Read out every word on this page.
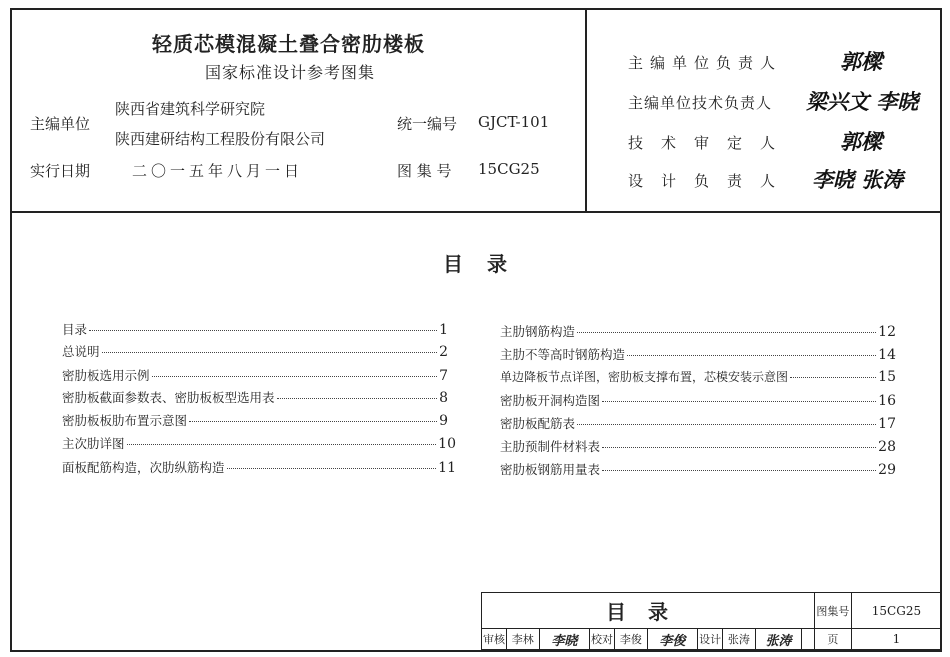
轻质芯模混凝土叠合密肋楼板
国家标准设计参考图集
主编单位
陕西省建筑科学研究院
陕西建研结构工程股份有限公司
统一编号 GJCT-101
实行日期	二〇一五年八月一日	图 集 号 15CG25
主编单位负责人	郭樑
主编单位技术负责人 梁兴文 李晓
技术审定人 郭樑
设计负责人 李晓 张涛
目录
目录	1
总说明	2
密肋板选用示例	7
密肋板截面参数表、密肋板板型选用表	8
密肋板板肋布置示意图	9
主次肋详图	10
面板配筋构造，次肋纵筋构造	11
主肋钢筋构造	12
主肋不等高时钢筋构造	14
单边降板节点详图，密肋板支撑布置，芯模安装示意图	15
密肋板开洞构造图	16
密肋板配筋表	17
主肋预制件材料表	28
密肋板钢筋用量表	29
目录										图集号	15CG25
审核	李林	李晓	校对	李俊	李俊	设计	张涛	张涛		页	1
